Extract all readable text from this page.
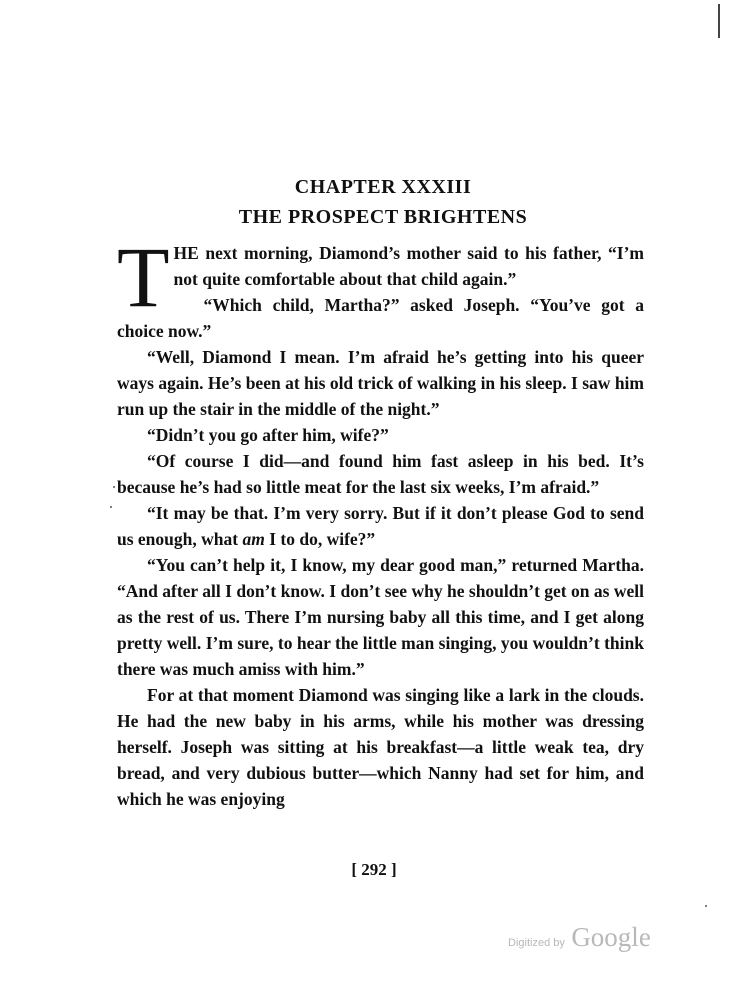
CHAPTER XXXIII
THE PROSPECT BRIGHTENS

THE next morning, Diamond’s mother said to his father, “I’m not quite comfortable about that child again.”

“Which child, Martha?” asked Joseph. “You’ve got a choice now.”

“Well, Diamond I mean. I’m afraid he’s getting into his queer ways again. He’s been at his old trick of walking in his sleep. I saw him run up the stair in the middle of the night.”

“Didn’t you go after him, wife?”

“Of course I did—and found him fast asleep in his bed. It’s because he’s had so little meat for the last six weeks, I’m afraid.”

“It may be that. I’m very sorry. But if it don’t please God to send us enough, what am I to do, wife?”

“You can’t help it, I know, my dear good man,” returned Martha. “And after all I don’t know. I don’t see why he shouldn’t get on as well as the rest of us. There I’m nursing baby all this time, and I get along pretty well. I’m sure, to hear the little man singing, you wouldn’t think there was much amiss with him.”

For at that moment Diamond was singing like a lark in the clouds. He had the new baby in his arms, while his mother was dressing herself. Joseph was sitting at his breakfast—a little weak tea, dry bread, and very dubious butter—which Nanny had set for him, and which he was enjoying

[ 292 ]
Digitized by Google
